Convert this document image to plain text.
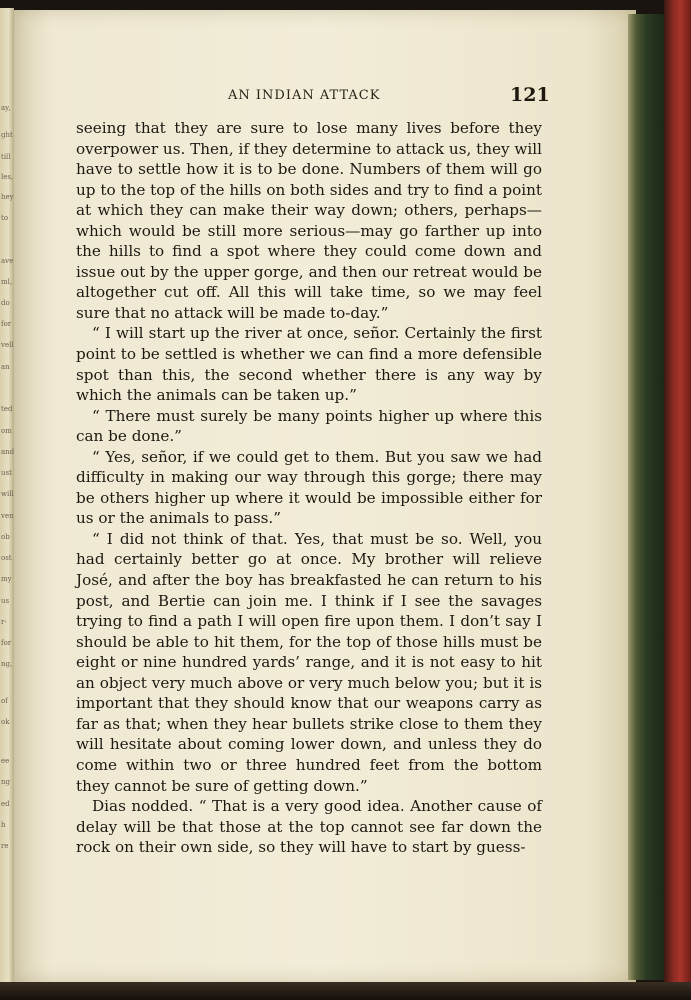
ay,
ght
till
les,
hey
to
ave
ml,
do
for
vell
an
ted
om
and
ust
will
ven
ob
ost
my
us
r-
for
ng,
of
ok
ee
ng
ed
h
re
AN INDIAN ATTACK	121

seeing that they are sure to lose many lives before they overpower us. Then, if they determine to attack us, they will have to settle how it is to be done. Numbers of them will go up to the top of the hills on both sides and try to find a point at which they can make their way down; others, perhaps—which would be still more serious—may go farther up into the hills to find a spot where they could come down and issue out by the upper gorge, and then our retreat would be altogether cut off. All this will take time, so we may feel sure that no attack will be made to-day.”

“ I will start up the river at once, señor. Certainly the first point to be settled is whether we can find a more defensible spot than this, the second whether there is any way by which the animals can be taken up.”

“ There must surely be many points higher up where this can be done.”

“ Yes, señor, if we could get to them. But you saw we had difficulty in making our way through this gorge; there may be others higher up where it would be impossible either for us or the animals to pass.”

“ I did not think of that. Yes, that must be so. Well, you had certainly better go at once. My brother will relieve José, and after the boy has breakfasted he can return to his post, and Bertie can join me. I think if I see the savages trying to find a path I will open fire upon them. I don’t say I should be able to hit them, for the top of those hills must be eight or nine hundred yards’ range, and it is not easy to hit an object very much above or very much below you; but it is important that they should know that our weapons carry as far as that; when they hear bullets strike close to them they will hesitate about coming lower down, and unless they do come within two or three hundred feet from the bottom they cannot be sure of getting down.”

Dias nodded. “ That is a very good idea. Another cause of delay will be that those at the top cannot see far down the rock on their own side, so they will have to start by guess-
